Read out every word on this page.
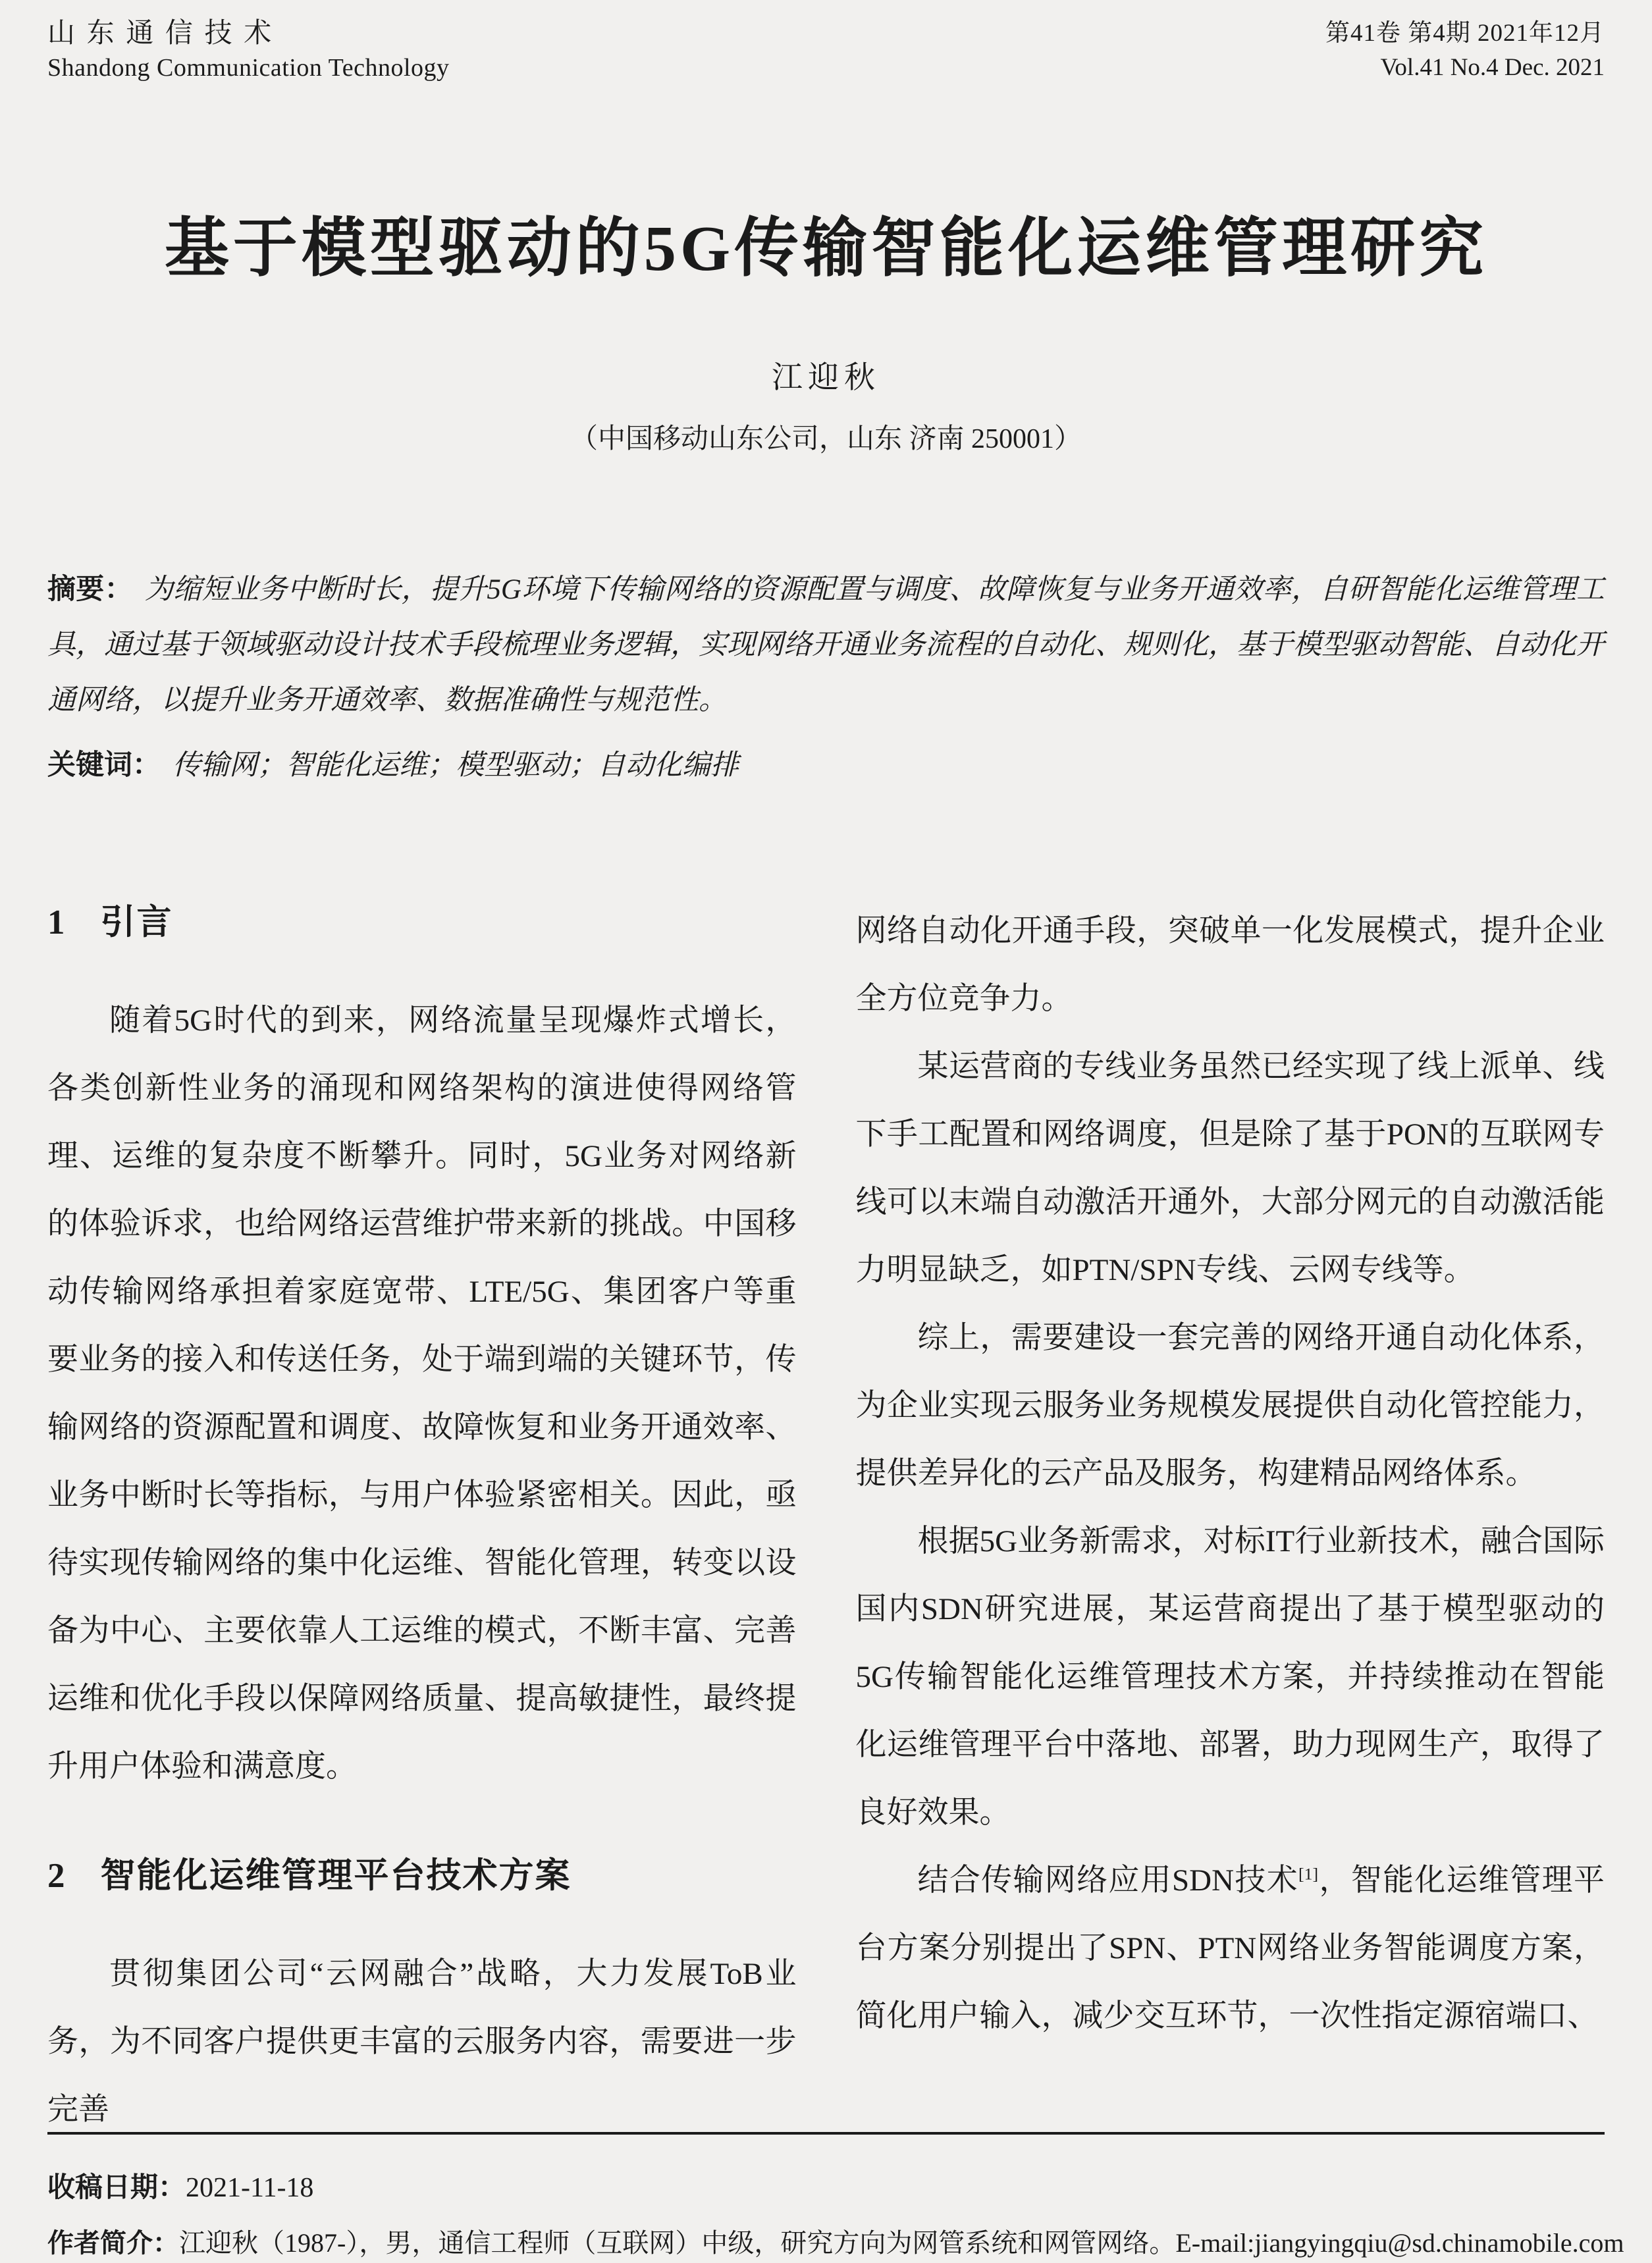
山东通信技术
Shandong Communication Technology
第41卷 第4期 2021年12月
Vol.41 No.4 Dec. 2021
基于模型驱动的5G传输智能化运维管理研究
江迎秋
（中国移动山东公司，山东 济南 250001）

摘要： 为缩短业务中断时长，提升5G环境下传输网络的资源配置与调度、故障恢复与业务开通效率，自研智能化运维管理工具，通过基于领域驱动设计技术手段梳理业务逻辑，实现网络开通业务流程的自动化、规则化，基于模型驱动智能、自动化开通网络，以提升业务开通效率、数据准确性与规范性。

关键词： 传输网；智能化运维；模型驱动；自动化编排

1 引言

随着5G时代的到来，网络流量呈现爆炸式增长，各类创新性业务的涌现和网络架构的演进使得网络管理、运维的复杂度不断攀升。同时，5G业务对网络新的体验诉求，也给网络运营维护带来新的挑战。中国移动传输网络承担着家庭宽带、LTE/5G、集团客户等重要业务的接入和传送任务，处于端到端的关键环节，传输网络的资源配置和调度、故障恢复和业务开通效率、业务中断时长等指标，与用户体验紧密相关。因此，亟待实现传输网络的集中化运维、智能化管理，转变以设备为中心、主要依靠人工运维的模式，不断丰富、完善运维和优化手段以保障网络质量、提高敏捷性，最终提升用户体验和满意度。

2 智能化运维管理平台技术方案

贯彻集团公司“云网融合”战略，大力发展ToB业务，为不同客户提供更丰富的云服务内容，需要进一步完善

网络自动化开通手段，突破单一化发展模式，提升企业全方位竞争力。

某运营商的专线业务虽然已经实现了线上派单、线下手工配置和网络调度，但是除了基于PON的互联网专线可以末端自动激活开通外，大部分网元的自动激活能力明显缺乏，如PTN/SPN专线、云网专线等。

综上，需要建设一套完善的网络开通自动化体系，为企业实现云服务业务规模发展提供自动化管控能力，提供差异化的云产品及服务，构建精品网络体系。

根据5G业务新需求，对标IT行业新技术，融合国际国内SDN研究进展，某运营商提出了基于模型驱动的5G传输智能化运维管理技术方案，并持续推动在智能化运维管理平台中落地、部署，助力现网生产，取得了良好效果。

结合传输网络应用SDN技术[1]，智能化运维管理平台方案分别提出了SPN、PTN网络业务智能调度方案，简化用户输入，减少交互环节，一次性指定源宿端口、

收稿日期：2021-11-18

作者简介：江迎秋（1987-），男，通信工程师（互联网）中级，研究方向为网管系统和网管网络。E-mail:jiangyingqiu@sd.chinamobile.com
